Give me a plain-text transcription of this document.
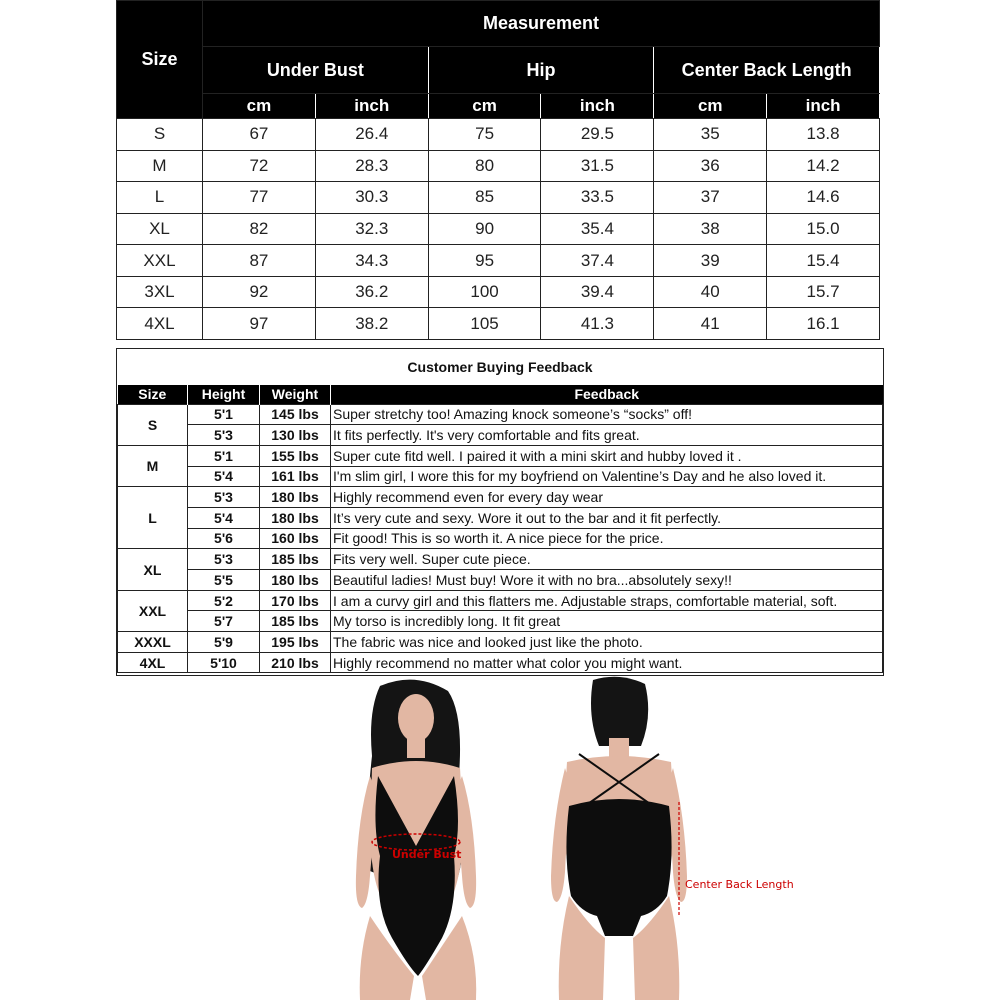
Size	Measurement					
	Under Bust		Hip		Center Back Length	
	cm	inch	cm	inch	cm	inch
S	67	26.4	75	29.5	35	13.8
M	72	28.3	80	31.5	36	14.2
L	77	30.3	85	33.5	37	14.6
XL	82	32.3	90	35.4	38	15.0
XXL	87	34.3	95	37.4	39	15.4
3XL	92	36.2	100	39.4	40	15.7
4XL	97	38.2	105	41.3	41	16.1
Customer Buying Feedback
Size	Height	Weight	Feedback
S	5'1	145 lbs	Super stretchy too! Amazing knock someone’s “socks” off!
	5'3	130 lbs	It fits perfectly. It's very comfortable and fits great.
M	5'1	155 lbs	Super cute fitd well. I paired it with a mini skirt and hubby loved it .
	5'4	161 lbs	I'm slim girl, I wore this for my boyfriend on Valentine’s Day and he also loved it.
L	5'3	180 lbs	Highly recommend even for every day wear
	5'4	180 lbs	It’s very cute and sexy. Wore it out to the bar and it fit perfectly.
	5'6	160 lbs	Fit good! This is so worth it. A nice piece for the price.
XL	5'3	185 lbs	Fits very well. Super cute piece.
	5'5	180 lbs	Beautiful ladies! Must buy! Wore it with no bra...absolutely sexy!!
XXL	5'2	170 lbs	I am a curvy girl and this flatters me. Adjustable straps, comfortable material, soft.
	5'7	185 lbs	My torso is incredibly long. It fit great
XXXL	5'9	195 lbs	The fabric was nice and looked just like the photo.
4XL	5'10	210 lbs	Highly recommend no matter what color you might want.
Under Bust
Center Back Length
